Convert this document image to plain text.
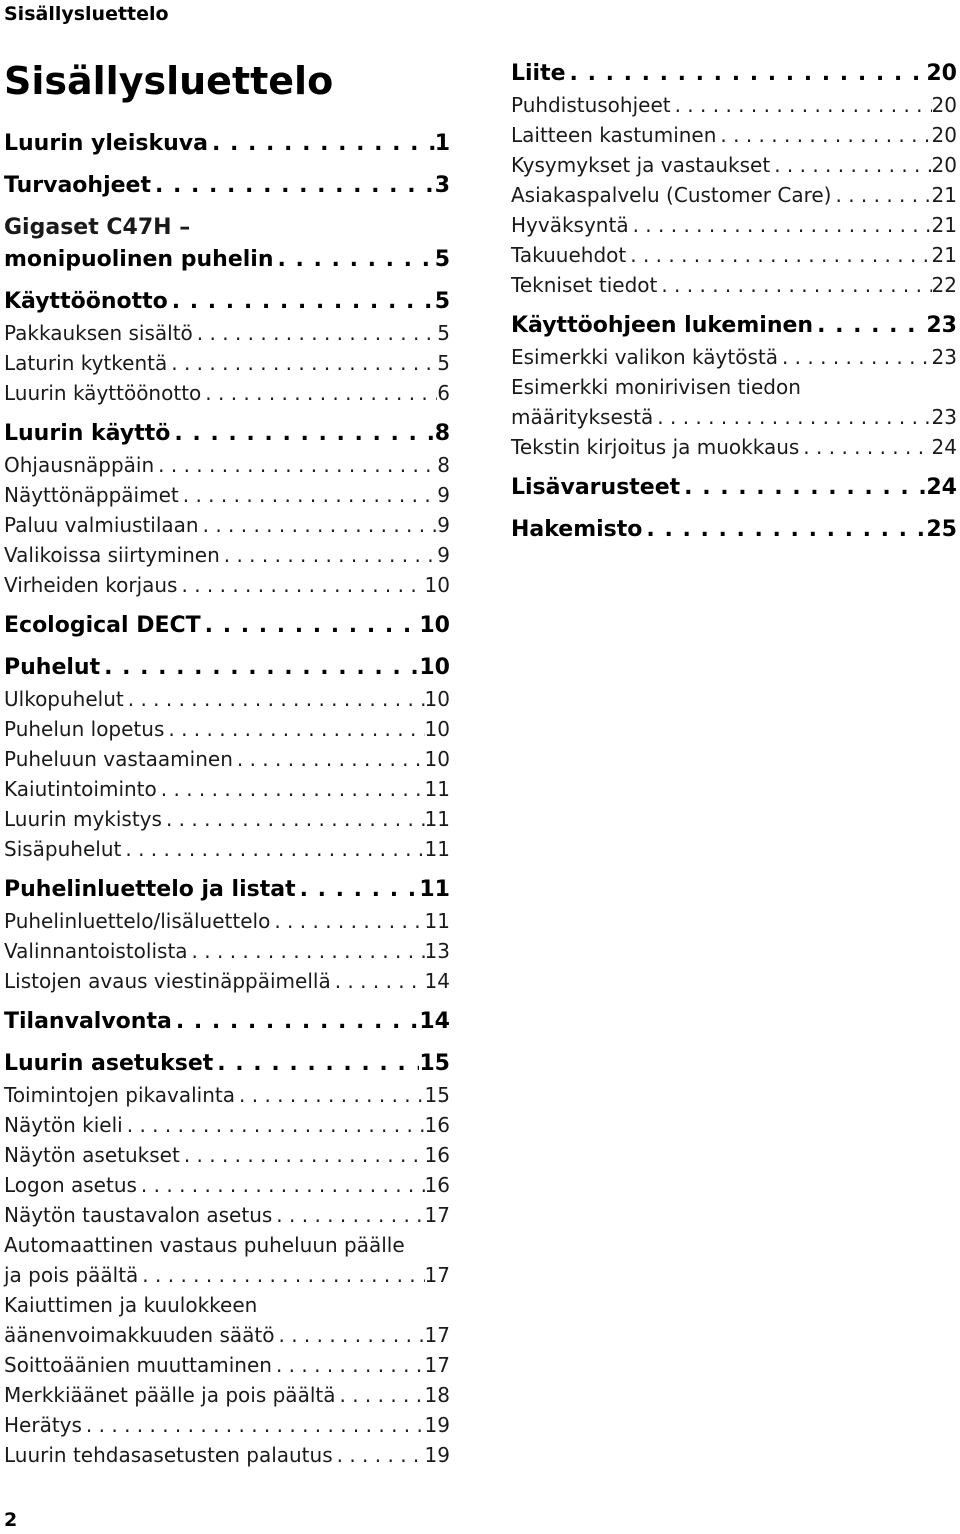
Sisällysluettelo
Sisällysluettelo
Luurin yleiskuva . . .	1
Turvaohjeet . . .	3
Gigaset C47H –
monipuolinen puhelin . . .	5
Käyttöönotto . . .	5
Pakkauksen sisältö . . .	5
Laturin kytkentä . . .	5
Luurin käyttöönotto . . .	6
Luurin käyttö . . .	8
Ohjausnäppäin . . .	8
Näyttönäppäimet . . .	9
Paluu valmiustilaan . . .	9
Valikoissa siirtyminen . . .	9
Virheiden korjaus . . .	10
Ecological DECT . . .	10
Puhelut . . .	10
Ulkopuhelut . . .	10
Puhelun lopetus . . .	10
Puheluun vastaaminen . . .	10
Kaiutintoiminto . . .	11
Luurin mykistys . . .	11
Sisäpuhelut . . .	11
Puhelinluettelo ja listat . . .	11
Puhelinluettelo/lisäluettelo . . .	11
Valinnantoistolista . . .	13
Listojen avaus viestinäppäimellä . . .	14
Tilanvalvonta . . .	14
Luurin asetukset . . .	15
Toimintojen pikavalinta . . .	15
Näytön kieli . . .	16
Näytön asetukset . . .	16
Logon asetus . . .	16
Näytön taustavalon asetus . . .	17
Automaattinen vastaus puheluun päälle
ja pois päältä . . .	17
Kaiuttimen ja kuulokkeen
äänenvoimakkuuden säätö . . .	17
Soittoäänien muuttaminen . . .	17
Merkkiäänet päälle ja pois päältä . . .	18
Herätys . . .	19
Luurin tehdasasetusten palautus . . .	19
Liite . . .	20
Puhdistusohjeet . . .	20
Laitteen kastuminen . . .	20
Kysymykset ja vastaukset . . .	20
Asiakaspalvelu (Customer Care) . . .	21
Hyväksyntä . . .	21
Takuuehdot . . .	21
Tekniset tiedot . . .	22
Käyttöohjeen lukeminen . . .	23
Esimerkki valikon käytöstä . . .	23
Esimerkki monirivisen tiedon
määrityksestä . . .	23
Tekstin kirjoitus ja muokkaus . . .	24
Lisävarusteet . . .	24
Hakemisto . . .	25
2
